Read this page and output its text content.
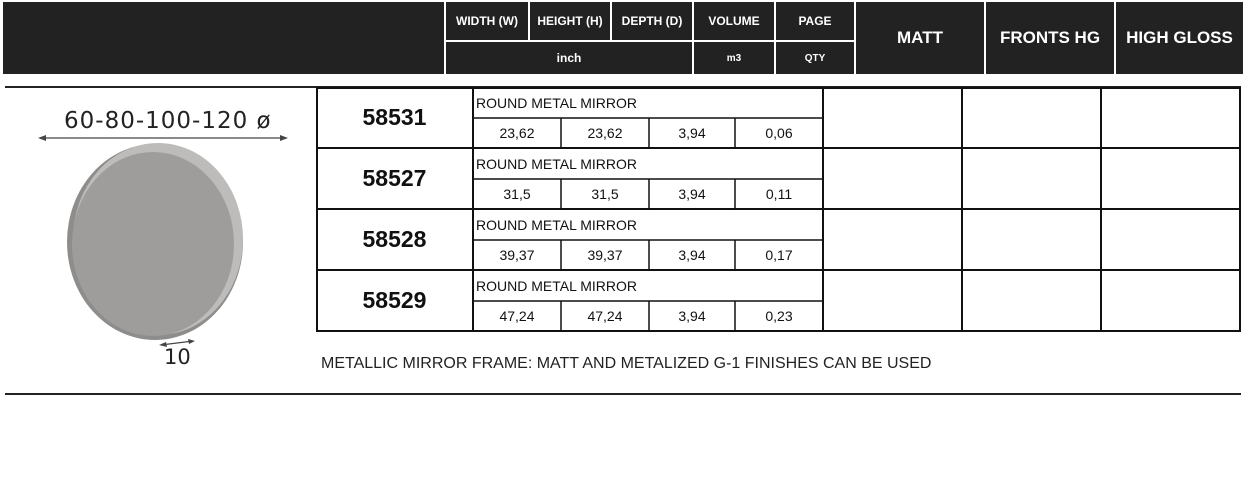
WIDTH (W)	HEIGHT (H)	DEPTH (D)	VOLUME	PAGE
inch	m3	QTY
MATT	FRONTS HG	HIGH GLOSS
60-80-100-120 ø
10
58531
ROUND METAL MIRROR
23,62	23,62	3,94	0,06
58527
ROUND METAL MIRROR
31,5	31,5	3,94	0,11
58528
ROUND METAL MIRROR
39,37	39,37	3,94	0,17
58529
ROUND METAL MIRROR
47,24	47,24	3,94	0,23
METALLIC MIRROR FRAME: MATT AND METALIZED G-1 FINISHES CAN BE USED
